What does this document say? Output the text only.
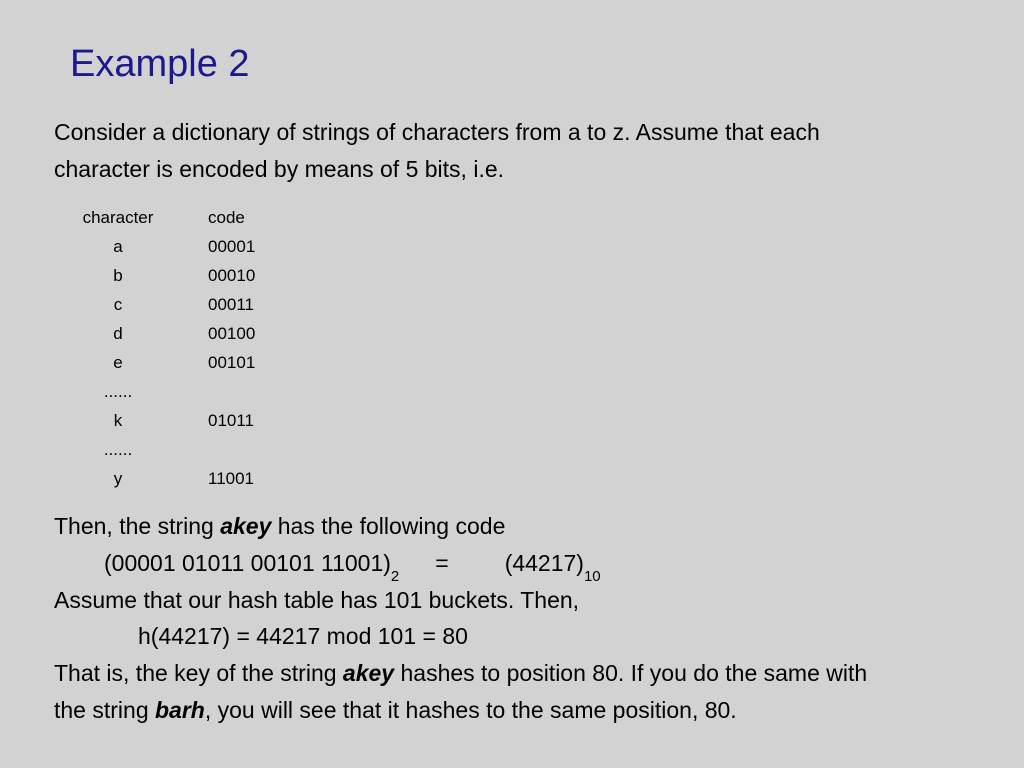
Example 2

Consider a dictionary of strings of characters from a to z. Assume that each

character is encoded by means of 5 bits, i.e.

character	code
a	00001
b	00010
c	00011
d	00100
e	00101
......	
k	01011
......	
y	11001

Then, the string akey has the following code

(00001 01011 00101 $11001)_2= (44217)_{10}$

Assume that our hash table has 101 buckets. Then,

h(44217) = 44217 mod 101 = 80

That is, the key of the string akey hashes to position 80. If you do the same with

the string barh, you will see that it hashes to the same position, 80.
